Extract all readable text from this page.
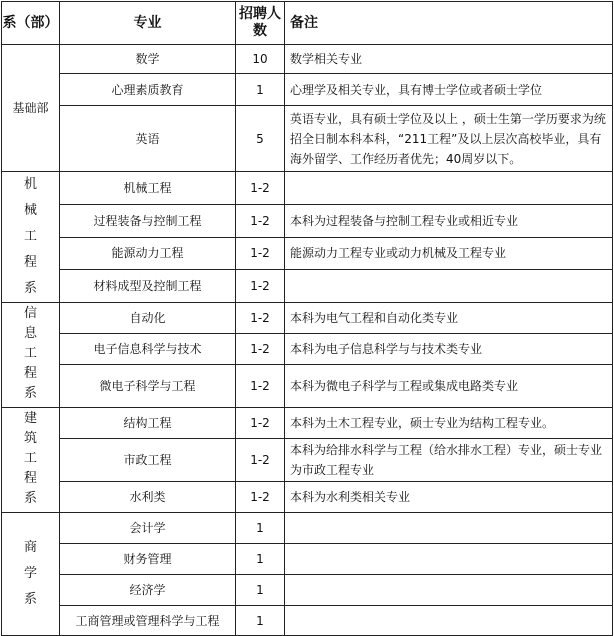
系（部）	专业	招聘人数	备注
基础部	数学	10	数学相关专业
	心理素质教育	1	心理学及相关专业，具有博士学位或者硕士学位
	英语	5	英语专业，具有硕士学位及以上 ，硕士生第一学历要求为统招全日制本科本科，“211工程”及以上层次高校毕业，具有海外留学、工作经历者优先；40周岁以下。
机械工程系	机械工程	1-2	
	过程装备与控制工程	1-2	本科为过程装备与控制工程专业或相近专业
	能源动力工程	1-2	能源动力工程专业或动力机械及工程专业
	材料成型及控制工程	1-2	
信息工程系	自动化	1-2	本科为电气工程和自动化类专业
	电子信息科学与技术	1-2	本科为电子信息科学与与技术类专业
	微电子科学与工程	1-2	本科为微电子科学与工程或集成电路类专业
建筑工程系	结构工程	1-2	本科为土木工程专业，硕士专业为结构工程专业。
	市政工程	1-2	本科为给排水科学与工程（给水排水工程）专业，硕士专业为市政工程专业
	水利类	1-2	本科为水利类相关专业
商学系	会计学	1	
	财务管理	1	
	经济学	1	
	工商管理或管理科学与工程	1	
